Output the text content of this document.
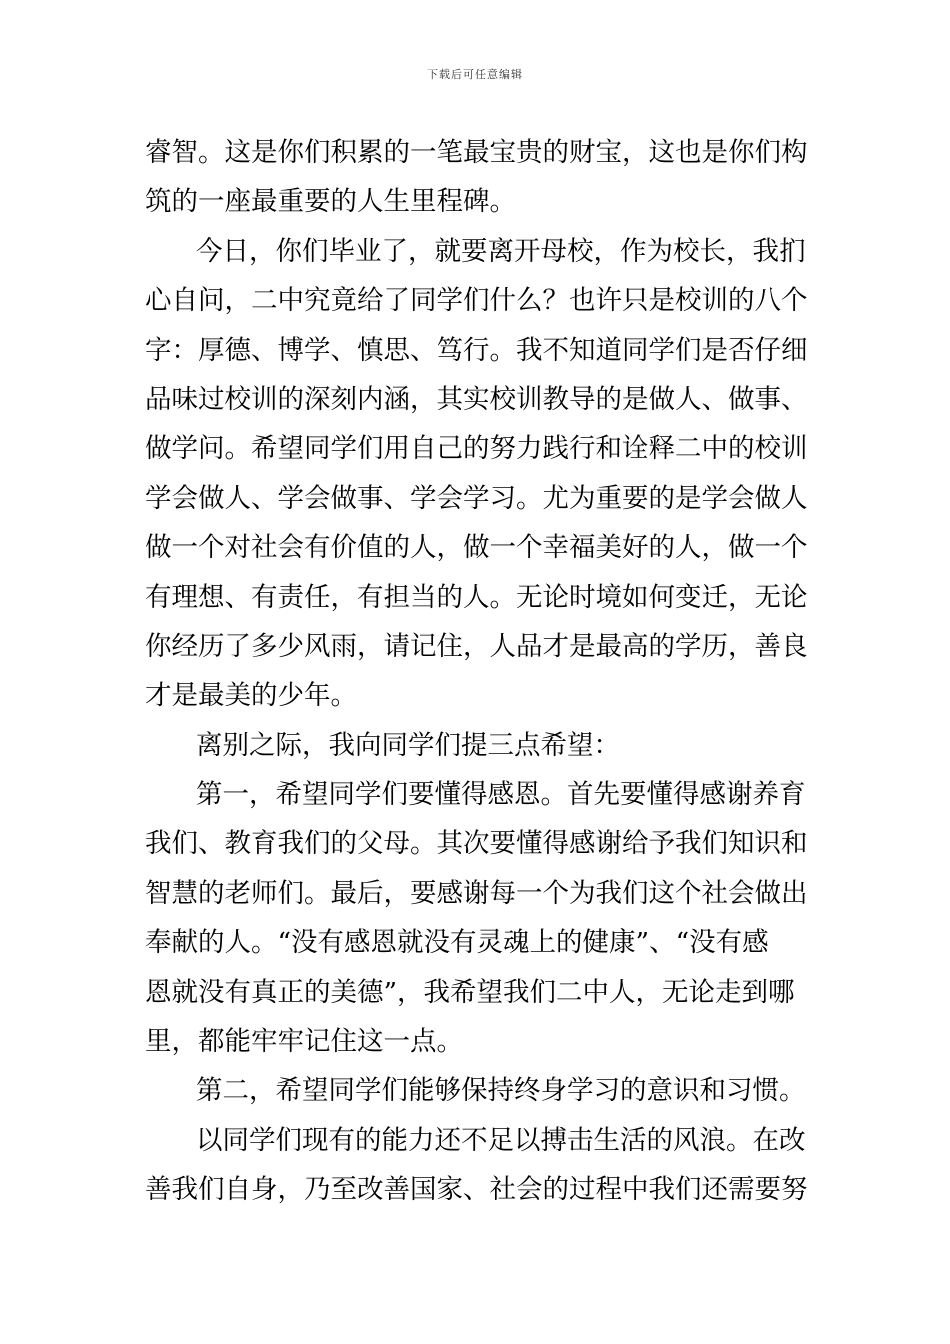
下载后可任意编辑
睿智。这是你们积累的一笔最宝贵的财宝，这也是你们构
筑的一座最重要的人生里程碑。
今日，你们毕业了，就要离开母校，作为校长，我扪
心自问，二中究竟给了同学们什么？也许只是校训的八个
字：厚德、博学、慎思、笃行。我不知道同学们是否仔细
品味过校训的深刻内涵，其实校训教导的是做人、做事、
做学问。希望同学们用自己的努力践行和诠释二中的校训
学会做人、学会做事、学会学习。尤为重要的是学会做人
做一个对社会有价值的人，做一个幸福美好的人，做一个
有理想、有责任，有担当的人。无论时境如何变迁，无论
你经历了多少风雨，请记住，人品才是最高的学历，善良
才是最美的少年。
离别之际，我向同学们提三点希望：
第一，希望同学们要懂得感恩。首先要懂得感谢养育
我们、教育我们的父母。其次要懂得感谢给予我们知识和
智慧的老师们。最后，要感谢每一个为我们这个社会做出
奉献的人。“没有感恩就没有灵魂上的健康”、“没有感
恩就没有真正的美德”，我希望我们二中人，无论走到哪
里，都能牢牢记住这一点。
第二，希望同学们能够保持终身学习的意识和习惯。
以同学们现有的能力还不足以搏击生活的风浪。在改
善我们自身，乃至改善国家、社会的过程中我们还需要努
